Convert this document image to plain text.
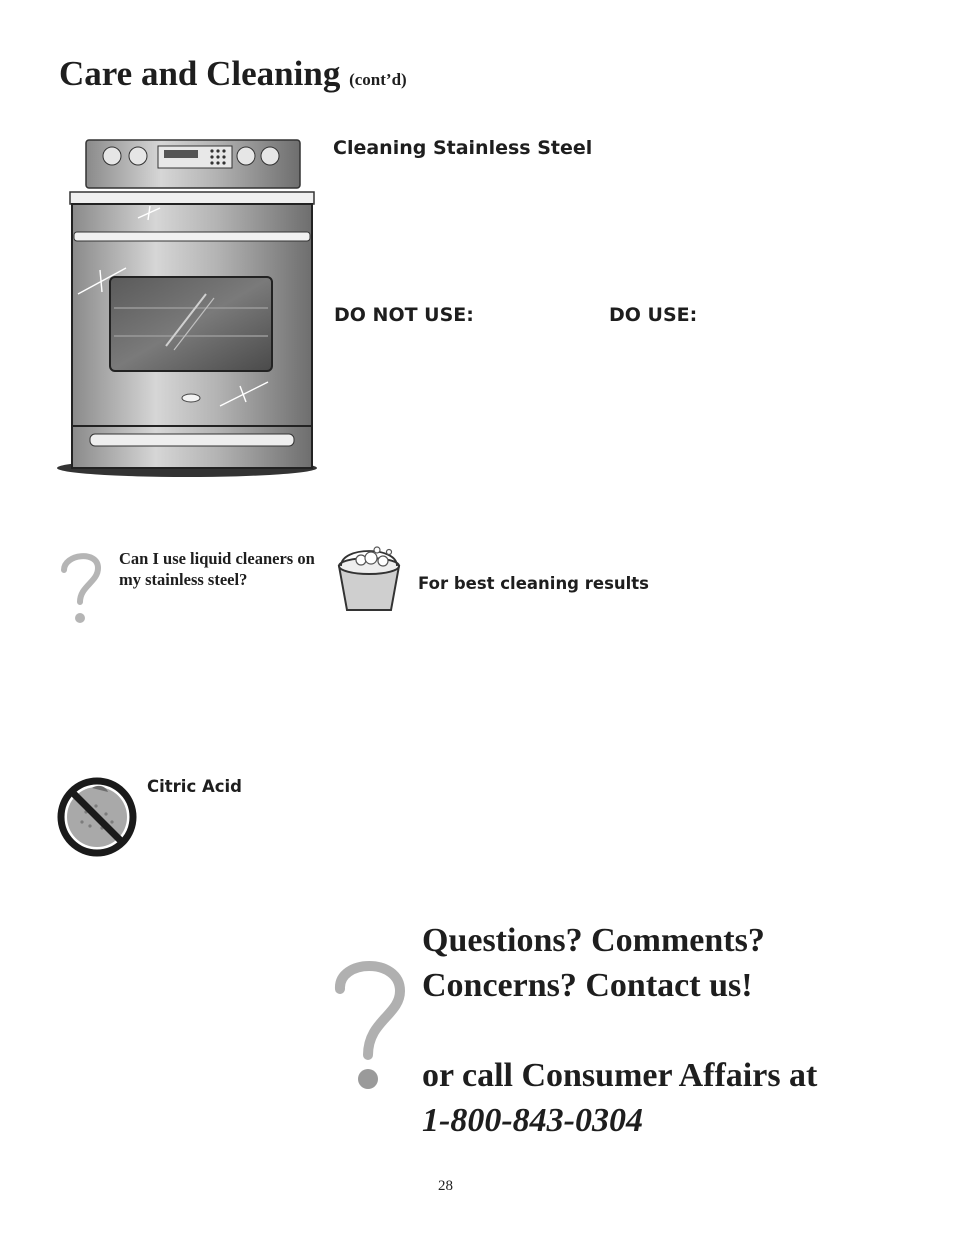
Care and Cleaning (cont’d)
Cleaning Stainless Steel
DO NOT USE:	DO USE:
Can I use liquid cleaners on my stainless steel?	For best cleaning results
Citric Acid
Questions? Comments?
Concerns? Contact us!
or call Consumer Affairs at
1-800-843-0304
28
